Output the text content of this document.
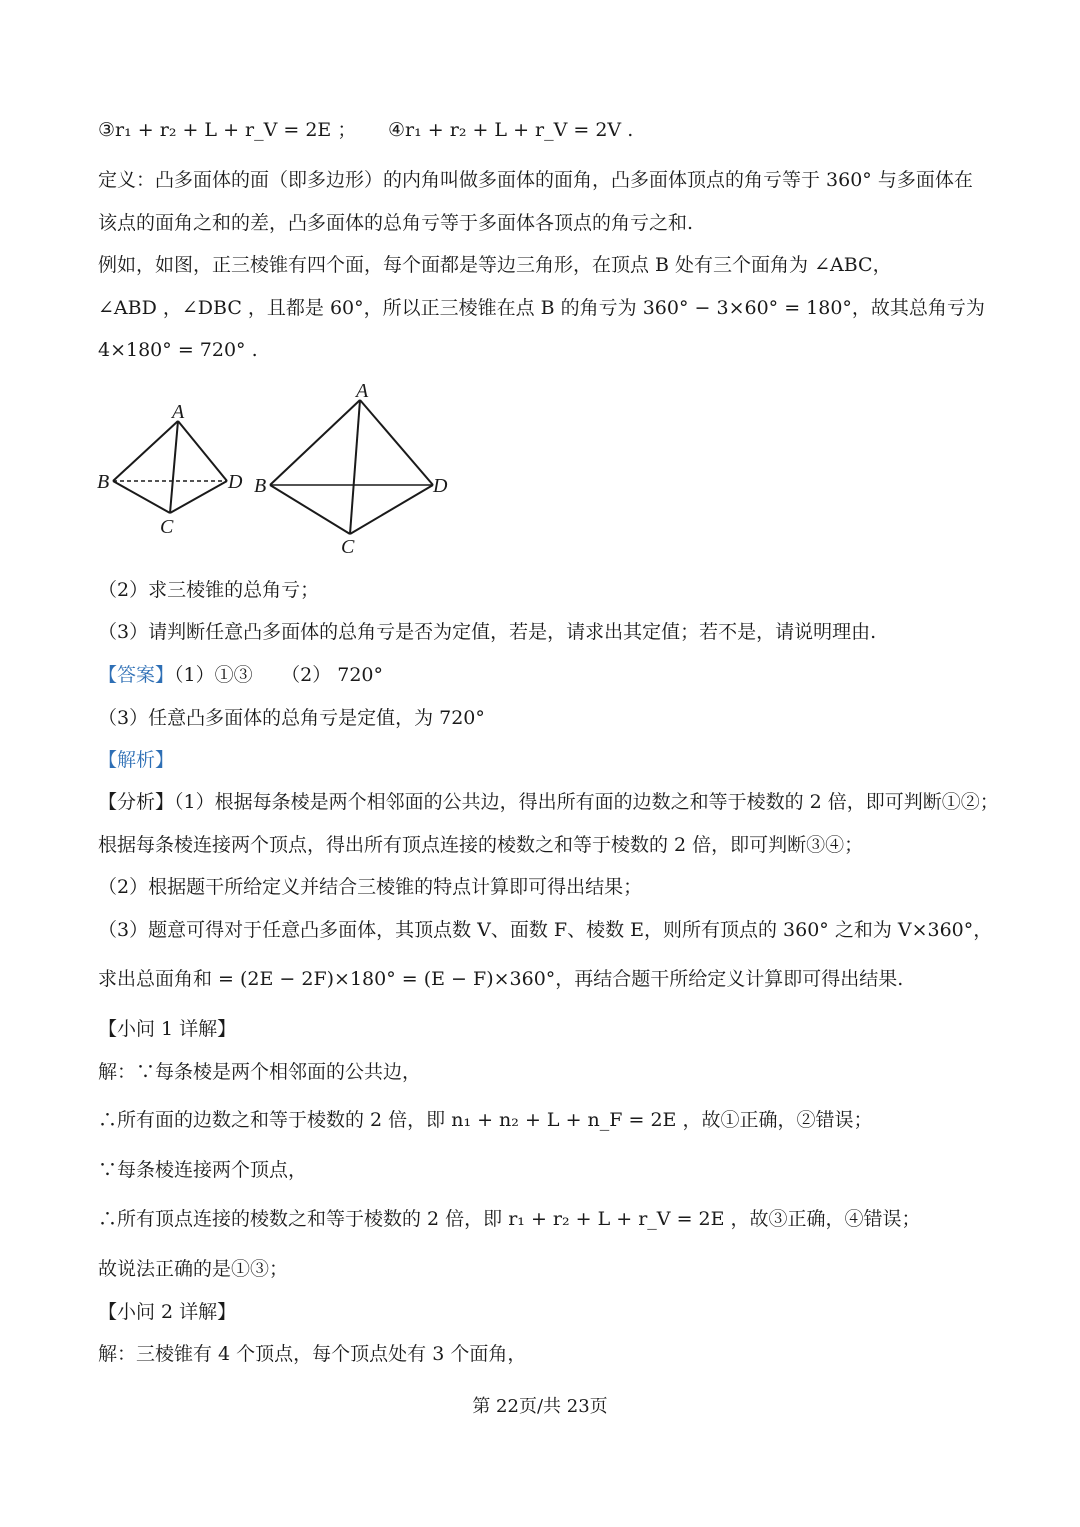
③r₁ + r₂ + L + r_V = 2E ；	④r₁ + r₂ + L + r_V = 2V .
定义：凸多面体的面（即多边形）的内角叫做多面体的面角，凸多面体顶点的角亏等于 360° 与多面体在
该点的面角之和的差，凸多面体的总角亏等于多面体各顶点的角亏之和.
例如，如图，正三棱锥有四个面，每个面都是等边三角形，在顶点 B 处有三个面角为 ∠ABC，
∠ABD ，∠DBC ，且都是 60°，所以正三棱锥在点 B 的角亏为 360° − 3×60° = 180°，故其总角亏为
4×180° = 720° .
A
B
C
D
A
B
C
D
（2）求三棱锥的总角亏；
（3）请判断任意凸多面体的总角亏是否为定值，若是，请求出其定值；若不是，请说明理由.
【答案】（1）①③　　（2） 720°
（3）任意凸多面体的总角亏是定值，为 720°
【解析】
【分析】（1）根据每条棱是两个相邻面的公共边，得出所有面的边数之和等于棱数的 2 倍，即可判断①②；
根据每条棱连接两个顶点，得出所有顶点连接的棱数之和等于棱数的 2 倍，即可判断③④；
（2）根据题干所给定义并结合三棱锥的特点计算即可得出结果；
（3）题意可得对于任意凸多面体，其顶点数 V、面数 F、棱数 E，则所有顶点的 360° 之和为 V×360°，
求出总面角和 = (2E − 2F)×180° = (E − F)×360°，再结合题干所给定义计算即可得出结果.
【小问 1 详解】
解：∵每条棱是两个相邻面的公共边，
∴所有面的边数之和等于棱数的 2 倍，即 n₁ + n₂ + L + n_F = 2E ，故①正确，②错误；
∵每条棱连接两个顶点，
∴所有顶点连接的棱数之和等于棱数的 2 倍，即 r₁ + r₂ + L + r_V = 2E ，故③正确，④错误；
故说法正确的是①③；
【小问 2 详解】
解：三棱锥有 4 个顶点，每个顶点处有 3 个面角，
第 22页/共 23页
